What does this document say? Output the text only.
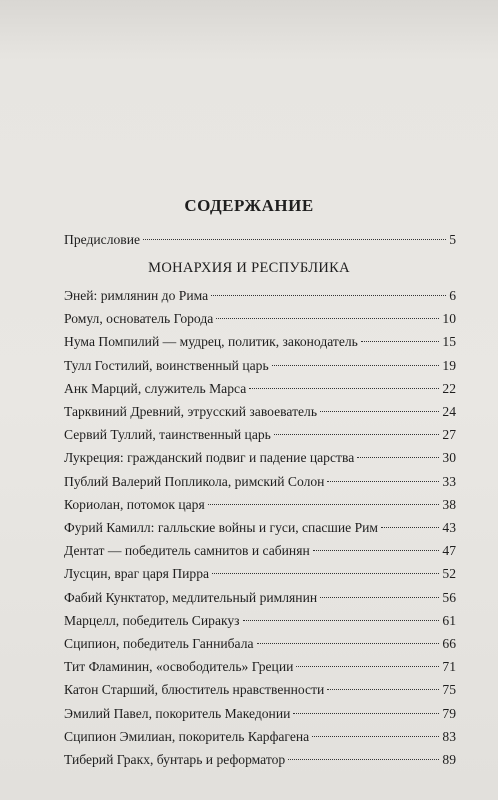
СОДЕРЖАНИЕ
Предисловие	5
МОНАРХИЯ И РЕСПУБЛИКА
Эней: римлянин до Рима	6
Ромул, основатель Города	10
Нума Помпилий — мудрец, политик, законодатель	15
Тулл Гостилий, воинственный царь	19
Анк Марций, служитель Марса	22
Тарквиний Древний, этрусский завоеватель	24
Сервий Туллий, таинственный царь	27
Лукреция: гражданский подвиг и падение царства	30
Публий Валерий Попликола, римский Солон	33
Кориолан, потомок царя	38
Фурий Камилл: галльские войны и гуси, спасшие Рим	43
Дентат — победитель самнитов и сабинян	47
Лусцин, враг царя Пирра	52
Фабий Кунктатор, медлительный римлянин	56
Марцелл, победитель Сиракуз	61
Сципион, победитель Ганнибала	66
Тит Фламинин, «освободитель» Греции	71
Катон Старший, блюститель нравственности	75
Эмилий Павел, покоритель Македонии	79
Сципион Эмилиан, покоритель Карфагена	83
Тиберий Гракх, бунтарь и реформатор	89
